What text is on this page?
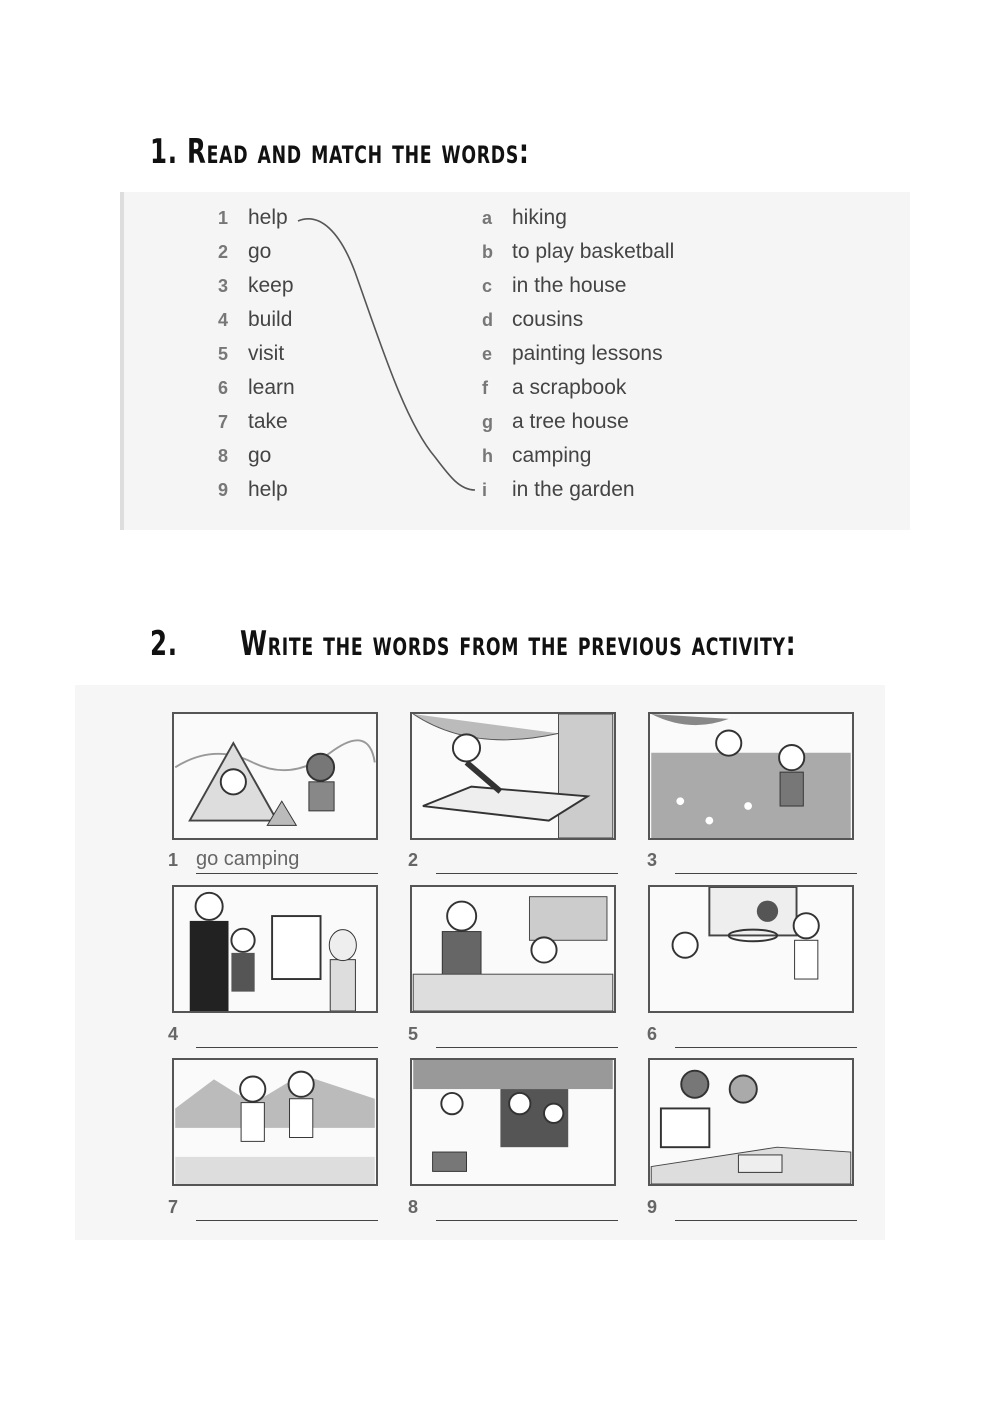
1. Read and match the words:
1 help
2 go
3 keep
4 build
5 visit
6 learn
7 take
8 go
9 help
a hiking
b to play basketball
c in the house
d cousins
e painting lessons
f a scrapbook
g a tree house
h camping
i in the garden
2. Write the words from the previous activity:
1 go camping	2	3
4	5	6
7	8	9
